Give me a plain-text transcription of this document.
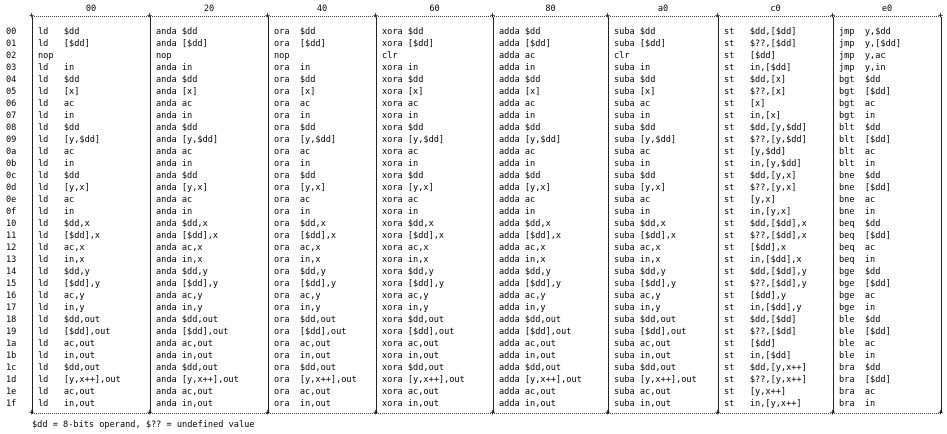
00	20	40	60	80	a0	c0	e0
+
+
+
+
+
+
+
+
+
+
+
+
+
+
+
+
+
+
00	ld   $dd	anda $dd	ora  $dd	xora $dd	adda $dd	suba $dd	st   $dd,[$dd]	jmp  y,$dd
01	ld   [$dd]	anda [$dd]	ora  [$dd]	xora [$dd]	adda [$dd]	suba [$dd]	st   $??,[$dd]	jmp  y,[$dd]
02	nop	nop	nop	clr	adda ac	clr	st   [$dd]	jmp  y,ac
03	ld   in	anda in	ora  in	xora in	adda in	suba in	st   in,[$dd]	jmp  y,in
04	ld   $dd	anda $dd	ora  $dd	xora $dd	adda $dd	suba $dd	st   $dd,[x]	bgt  $dd
05	ld   [x]	anda [x]	ora  [x]	xora [x]	adda [x]	suba [x]	st   $??,[x]	bgt  [$dd]
06	ld   ac	anda ac	ora  ac	xora ac	adda ac	suba ac	st   [x]	bgt  ac
07	ld   in	anda in	ora  in	xora in	adda in	suba in	st   in,[x]	bgt  in
08	ld   $dd	anda $dd	ora  $dd	xora $dd	adda $dd	suba $dd	st   $dd,[y,$dd]	blt  $dd
09	ld   [y,$dd]	anda [y,$dd]	ora  [y,$dd]	xora [y,$dd]	adda [y,$dd]	suba [y,$dd]	st   $??,[y,$dd]	blt  [$dd]
0a	ld   ac	anda ac	ora  ac	xora ac	adda ac	suba ac	st   [y,$dd]	blt  ac
0b	ld   in	anda in	ora  in	xora in	adda in	suba in	st   in,[y,$dd]	blt  in
0c	ld   $dd	anda $dd	ora  $dd	xora $dd	adda $dd	suba $dd	st   $dd,[y,x]	bne  $dd
0d	ld   [y,x]	anda [y,x]	ora  [y,x]	xora [y,x]	adda [y,x]	suba [y,x]	st   $??,[y,x]	bne  [$dd]
0e	ld   ac	anda ac	ora  ac	xora ac	adda ac	suba ac	st   [y,x]	bne  ac
0f	ld   in	anda in	ora  in	xora in	adda in	suba in	st   in,[y,x]	bne  in
10	ld   $dd,x	anda $dd,x	ora  $dd,x	xora $dd,x	adda $dd,x	suba $dd,x	st   $dd,[$dd],x	beq  $dd
11	ld   [$dd],x	anda [$dd],x	ora  [$dd],x	xora [$dd],x	adda [$dd],x	suba [$dd],x	st   $??,[$dd],x	beq  [$dd]
12	ld   ac,x	anda ac,x	ora  ac,x	xora ac,x	adda ac,x	suba ac,x	st   [$dd],x	beq  ac
13	ld   in,x	anda in,x	ora  in,x	xora in,x	adda in,x	suba in,x	st   in,[$dd],x	beq  in
14	ld   $dd,y	anda $dd,y	ora  $dd,y	xora $dd,y	adda $dd,y	suba $dd,y	st   $dd,[$dd],y	bge  $dd
15	ld   [$dd],y	anda [$dd],y	ora  [$dd],y	xora [$dd],y	adda [$dd],y	suba [$dd],y	st   $??,[$dd],y	bge  [$dd]
16	ld   ac,y	anda ac,y	ora  ac,y	xora ac,y	adda ac,y	suba ac,y	st   [$dd],y	bge  ac
17	ld   in,y	anda in,y	ora  in,y	xora in,y	adda in,y	suba in,y	st   in,[$dd],y	bge  in
18	ld   $dd,out	anda $dd,out	ora  $dd,out	xora $dd,out	adda $dd,out	suba $dd,out	st   $dd,[$dd]	ble  $dd
19	ld   [$dd],out	anda [$dd],out	ora  [$dd],out	xora [$dd],out	adda [$dd],out	suba [$dd],out	st   $??,[$dd]	ble  [$dd]
1a	ld   ac,out	anda ac,out	ora  ac,out	xora ac,out	adda ac,out	suba ac,out	st   [$dd]	ble  ac
1b	ld   in,out	anda in,out	ora  in,out	xora in,out	adda in,out	suba in,out	st   in,[$dd]	ble  in
1c	ld   $dd,out	anda $dd,out	ora  $dd,out	xora $dd,out	adda $dd,out	suba $dd,out	st   $dd,[y,x++]	bra  $dd
1d	ld   [y,x++],out	anda [y,x++],out	ora  [y,x++],out	xora [y,x++],out	adda [y,x++],out	suba [y,x++],out	st   $??,[y,x++]	bra  [$dd]
1e	ld   ac,out	anda ac,out	ora  ac,out	xora ac,out	adda ac,out	suba ac,out	st   [y,x++]	bra  ac
1f	ld   in,out	anda in,out	ora  in,out	xora in,out	adda in,out	suba in,out	st   in,[y,x++]	bra  in
$dd = 8-bits operand, $?? = undefined value
